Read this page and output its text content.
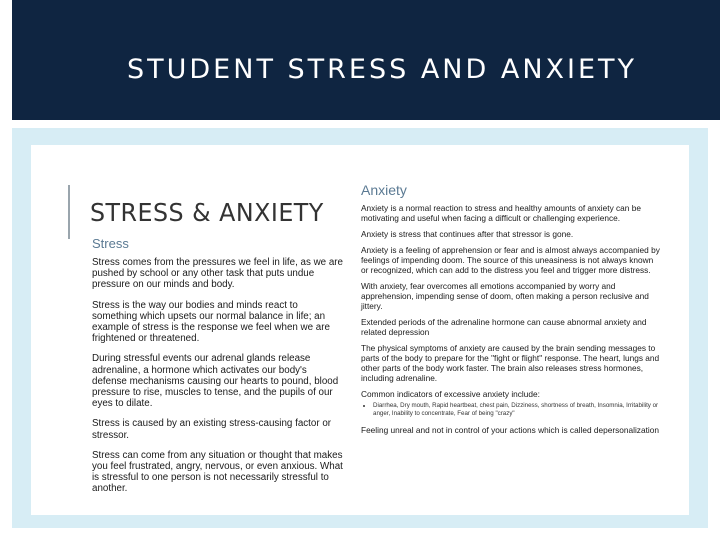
STUDENT STRESS AND ANXIETY
STRESS & ANXIETY
Stress

Stress comes from the pressures we feel in life, as we are pushed by school or any other task that puts undue pressure on our minds and body.

Stress is the way our bodies and minds react to something which upsets our normal balance in life; an example of stress is the response we feel when we are frightened or threatened.

During stressful events our adrenal glands release adrenaline, a hormone which activates our body's defense mechanisms causing our hearts to pound, blood pressure to rise, muscles to tense, and the pupils of our eyes to dilate.

Stress is caused by an existing stress-causing factor or stressor.

Stress can come from any situation or thought that makes you feel frustrated, angry, nervous, or even anxious. What is stressful to one person is not necessarily stressful to another.

Anxiety

Anxiety is a normal reaction to stress and healthy amounts of anxiety can be motivating and useful when facing a difficult or challenging experience.

Anxiety is stress that continues after that stressor is gone.

Anxiety is a feeling of apprehension or fear and is almost always accompanied by feelings of impending doom. The source of this uneasiness is not always known or recognized, which can add to the distress you feel and trigger more distress.

With anxiety, fear overcomes all emotions accompanied by worry and apprehension, impending sense of doom, often making a person reclusive and jittery.

Extended periods of the adrenaline hormone can cause abnormal anxiety and related depression

The physical symptoms of anxiety are caused by the brain sending messages to parts of the body to prepare for the "fight or flight" response. The heart, lungs and other parts of the body work faster. The brain also releases stress hormones, including adrenaline.

Common indicators of excessive anxiety include:

• Diarrhea, Dry mouth, Rapid heartbeat, chest pain, Dizziness, shortness of breath, Insomnia, Irritability or anger, Inability to concentrate, Fear of being "crazy"

Feeling unreal and not in control of your actions which is called depersonalization
